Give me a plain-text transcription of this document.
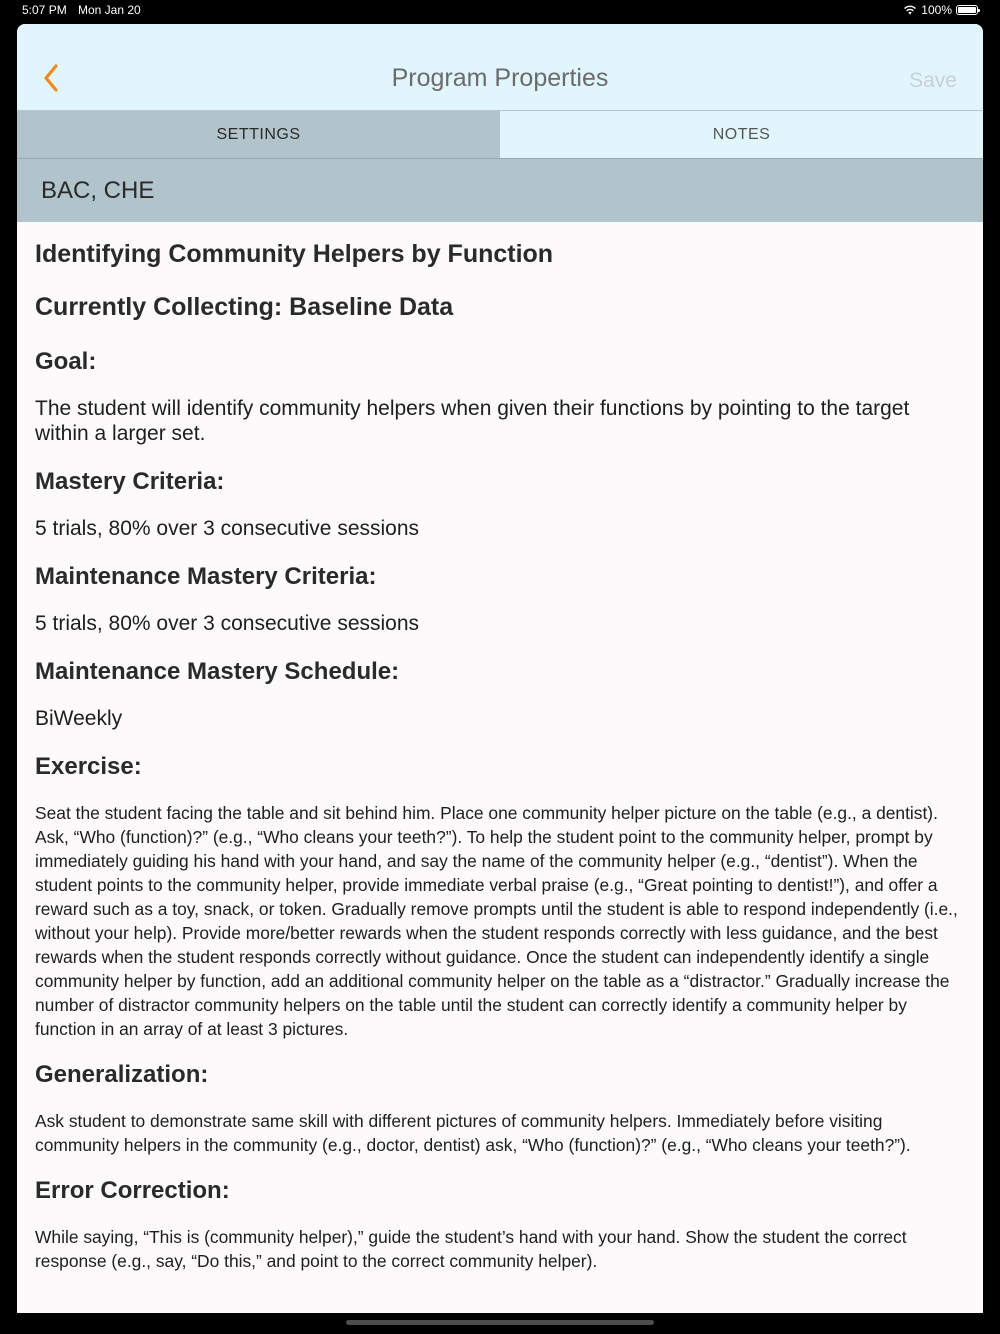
5:07 PM Mon Jan 20	100%
Program Properties	Save
SETTINGS	NOTES
BAC, CHE
Identifying Community Helpers by Function
Currently Collecting: Baseline Data
Goal:
The student will identify community helpers when given their functions by pointing to the target within a larger set.
Mastery Criteria:
5 trials, 80% over 3 consecutive sessions
Maintenance Mastery Criteria:
5 trials, 80% over 3 consecutive sessions
Maintenance Mastery Schedule:
BiWeekly
Exercise:
Seat the student facing the table and sit behind him. Place one community helper picture on the table (e.g., a dentist). Ask, “Who (function)?” (e.g., “Who cleans your teeth?”). To help the student point to the community helper, prompt by immediately guiding his hand with your hand, and say the name of the community helper (e.g., “dentist”). When the student points to the community helper, provide immediate verbal praise (e.g., “Great pointing to dentist!”), and offer a reward such as a toy, snack, or token. Gradually remove prompts until the student is able to respond independently (i.e., without your help). Provide more/better rewards when the student responds correctly with less guidance, and the best rewards when the student responds correctly without guidance. Once the student can independently identify a single community helper by function, add an additional community helper on the table as a “distractor.” Gradually increase the number of distractor community helpers on the table until the student can correctly identify a community helper by function in an array of at least 3 pictures.
Generalization:
Ask student to demonstrate same skill with different pictures of community helpers. Immediately before visiting community helpers in the community (e.g., doctor, dentist) ask, “Who (function)?” (e.g., “Who cleans your teeth?”).
Error Correction:
While saying, “This is (community helper),” guide the student’s hand with your hand. Show the student the correct response (e.g., say, “Do this,” and point to the correct community helper).
